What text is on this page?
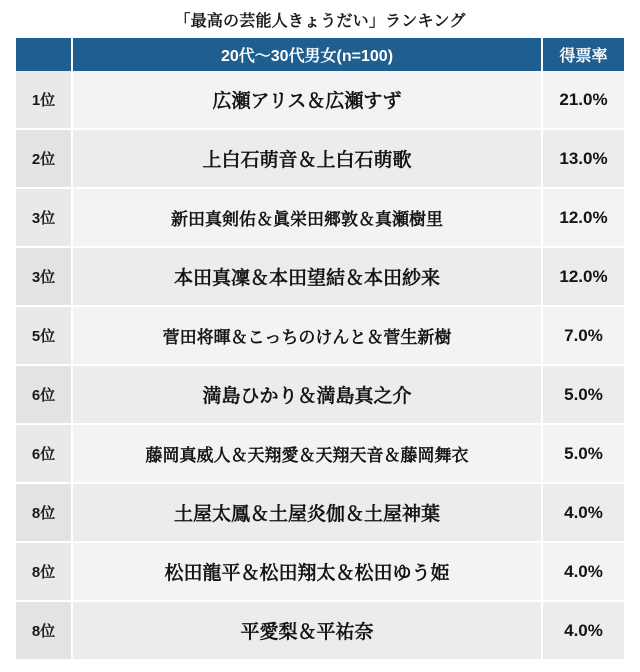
「最高の芸能人きょうだい」ランキング
	20代〜30代男女(n=100)	得票率
1位	広瀬アリス＆広瀬すず	21.0%
2位	上白石萌音＆上白石萌歌	13.0%
3位	新田真剣佑＆眞栄田郷敦＆真瀬樹里	12.0%
3位	本田真凜＆本田望結＆本田紗来	12.0%
5位	菅田将暉＆こっちのけんと＆菅生新樹	7.0%
6位	満島ひかり＆満島真之介	5.0%
6位	藤岡真威人＆天翔愛＆天翔天音＆藤岡舞衣	5.0%
8位	土屋太鳳＆土屋炎伽＆土屋神葉	4.0%
8位	松田龍平＆松田翔太＆松田ゆう姫	4.0%
8位	平愛梨＆平祐奈	4.0%
